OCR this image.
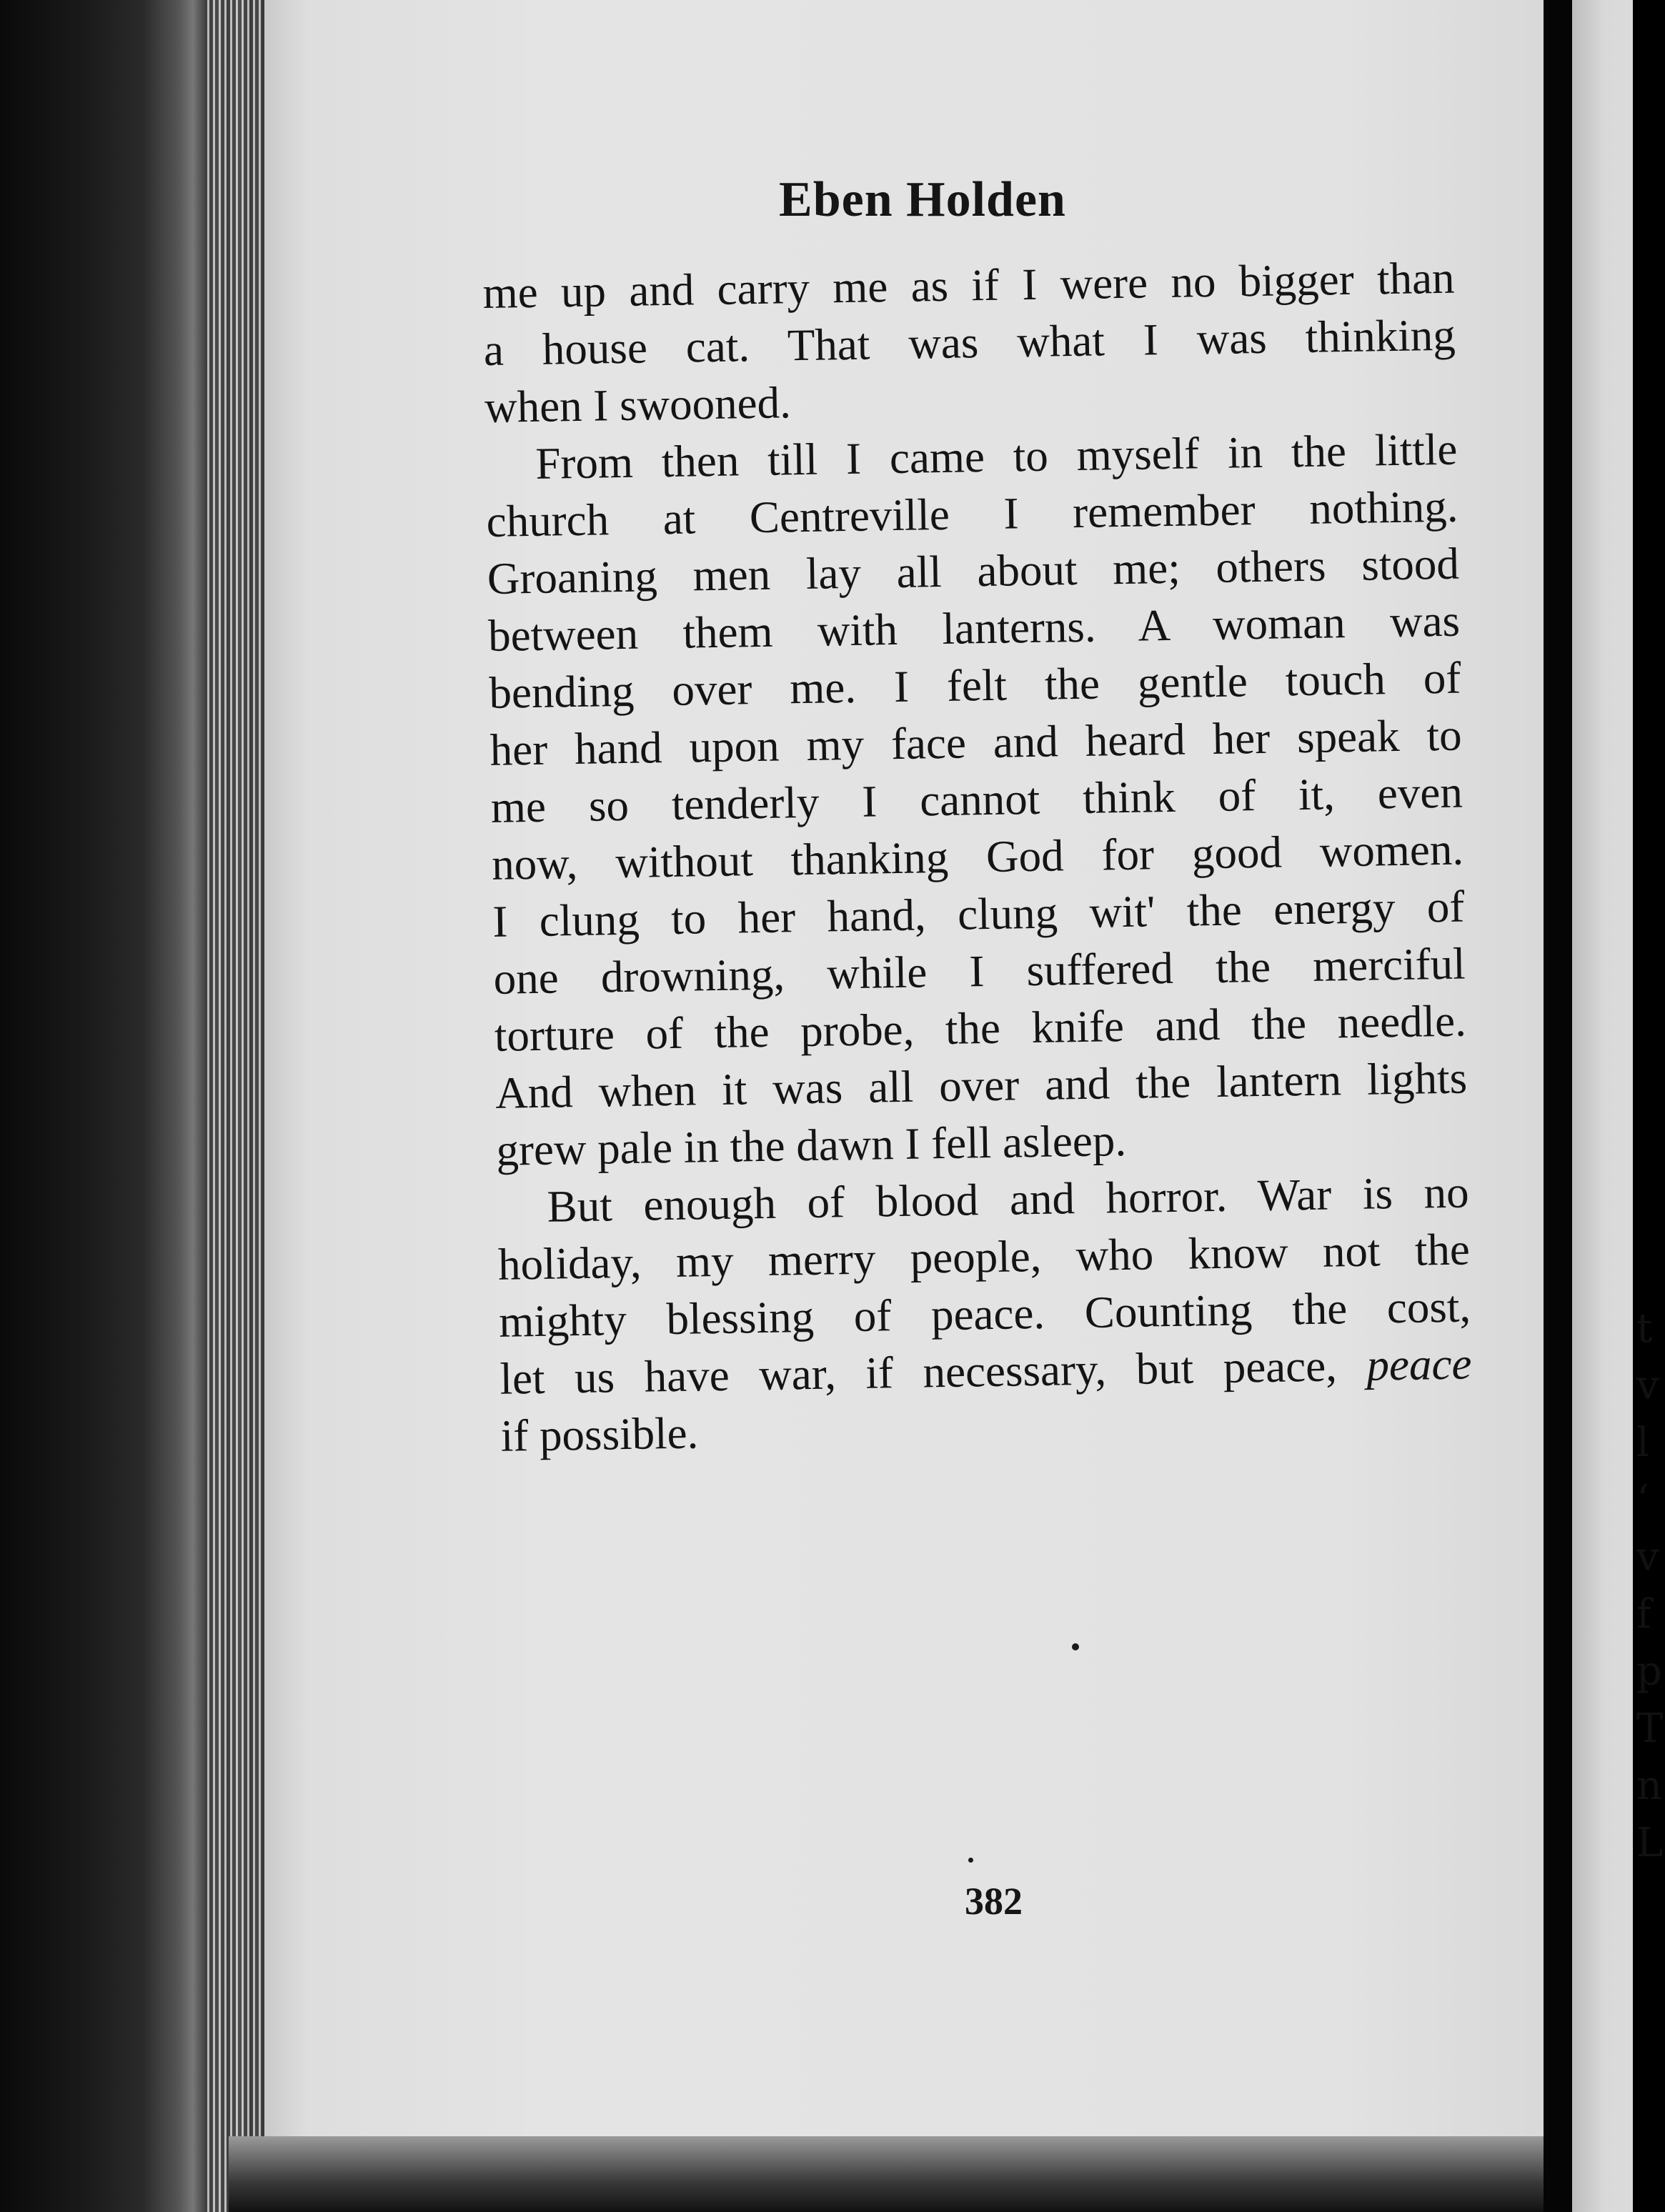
t
v
l
‘
v
f
p
T
n
L
Eben Holden
me up and carry me as if I were no bigger than
a house cat. That was what I was thinking
when I swooned.
From then till I came to myself in the little
church at Centreville I remember nothing.
Groaning men lay all about me; others stood
between them with lanterns. A woman was
bending over me. I felt the gentle touch of
her hand upon my face and heard her speak to
me so tenderly I cannot think of it, even
now, without thanking God for good women.
I clung to her hand, clung wit' the energy of
one drowning, while I suffered the merciful
torture of the probe, the knife and the needle.
And when it was all over and the lantern lights
grew pale in the dawn I fell asleep.
But enough of blood and horror. War is no
holiday, my merry people, who know not the
mighty blessing of peace. Counting the cost,
let us have war, if necessary, but peace, peace
if possible.
382
